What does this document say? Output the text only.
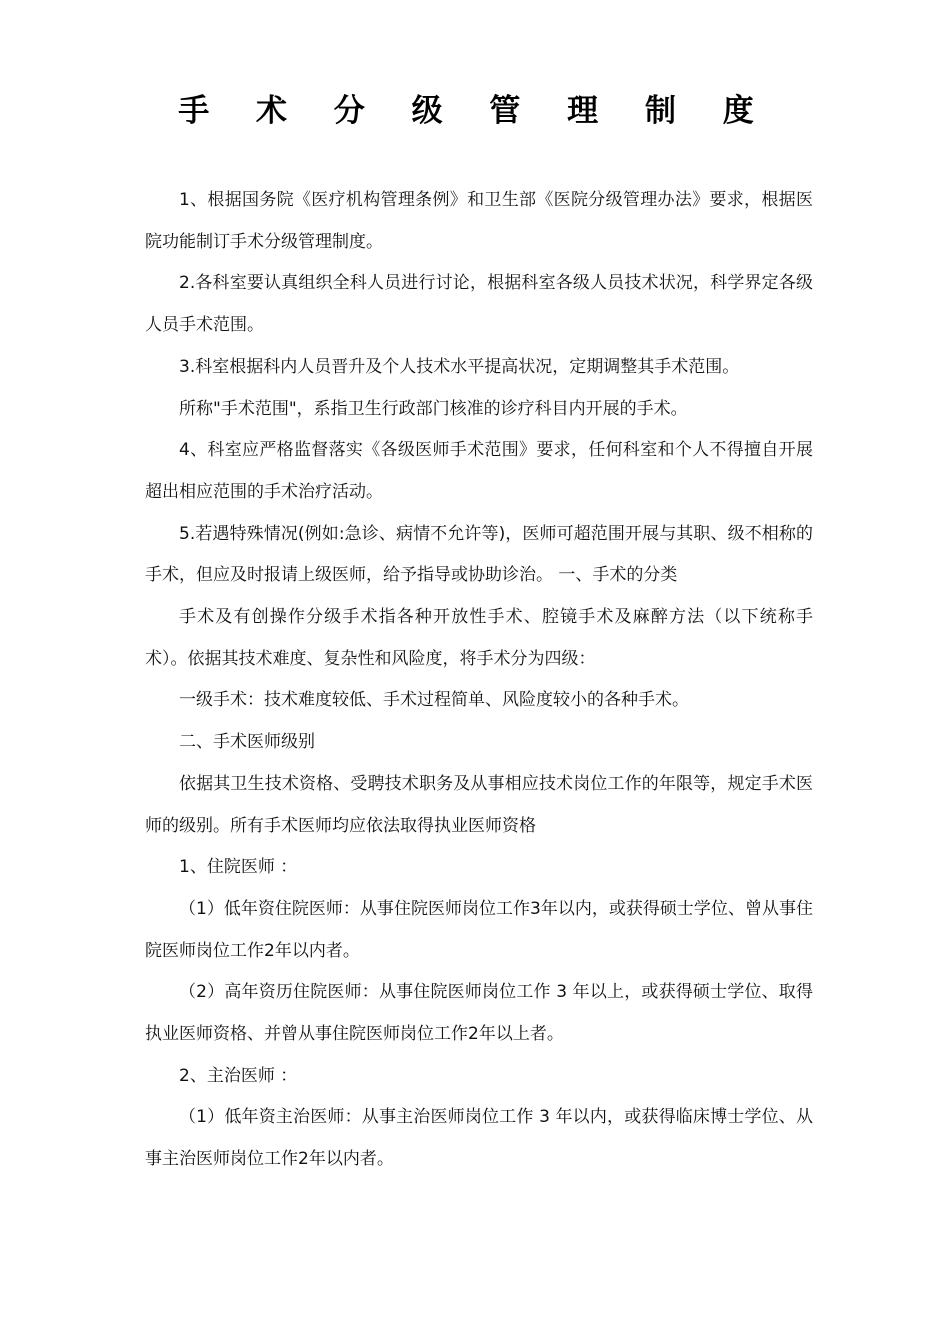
手 术 分 级 管 理 制 度

1、根据国务院《医疗机构管理条例》和卫生部《医院分级管理办法》要求，根据医院功能制订手术分级管理制度。

2.各科室要认真组织全科人员进行讨论，根据科室各级人员技术状况，科学界定各级人员手术范围。

3.科室根据科内人员晋升及个人技术水平提高状况，定期调整其手术范围。

所称"手术范围"，系指卫生行政部门核准的诊疗科目内开展的手术。

4、科室应严格监督落实《各级医师手术范围》要求，任何科室和个人不得擅自开展超出相应范围的手术治疗活动。

5.若遇特殊情况(例如:急诊、病情不允许等)，医师可超范围开展与其职、级不相称的手术，但应及时报请上级医师，给予指导或协助诊治。 一、手术的分类

手术及有创操作分级手术指各种开放性手术、腔镜手术及麻醉方法（以下统称手术）。依据其技术难度、复杂性和风险度，将手术分为四级：

一级手术：技术难度较低、手术过程简单、风险度较小的各种手术。

二、手术医师级别

依据其卫生技术资格、受聘技术职务及从事相应技术岗位工作的年限等，规定手术医师的级别。所有手术医师均应依法取得执业医师资格

1、住院医师 ：

（1）低年资住院医师：从事住院医师岗位工作3年以内，或获得硕士学位、曾从事住院医师岗位工作2年以内者。

（2）高年资历住院医师：从事住院医师岗位工作 3 年以上，或获得硕士学位、取得执业医师资格、并曾从事住院医师岗位工作2年以上者。

2、主治医师 ：

（1）低年资主治医师：从事主治医师岗位工作 3 年以内，或获得临床博士学位、从事主治医师岗位工作2年以内者。
